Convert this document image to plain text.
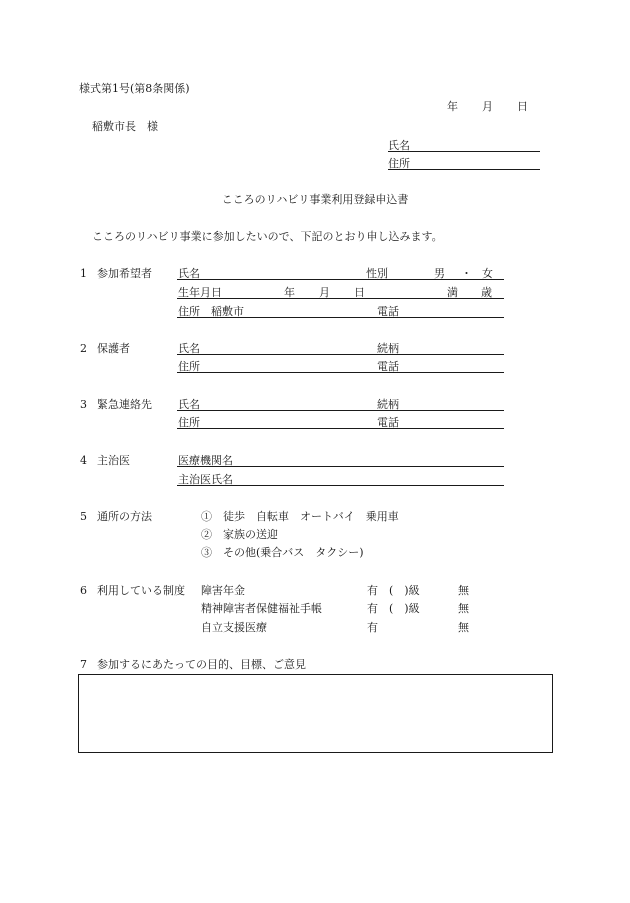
様式第1号(第8条関係)
年 月 日
稲敷市長　様
氏名
住所
こころのリハビリ事業利用登録申込書
こころのリハビリ事業に参加したいので、下記のとおり申し込みます。
1 参加希望者 氏名	性別	男 ・ 女
生年月日	年 月 日	満 歳
住所 稲敷市	電話
2 保護者	氏名	続柄
住所	電話
3 緊急連絡先 氏名	続柄
住所	電話
4 主治医	医療機関名
主治医氏名
5 通所の方法	①　徒歩　自転車　オートバイ　乗用車
②　家族の送迎
③　その他(乗合バス　タクシー)
6 利用している制度 障害年金	有　(　)級	無
精神障害者保健福祉手帳	有　(　)級	無
自立支援医療	有	無
7 参加するにあたっての目的、目標、ご意見
